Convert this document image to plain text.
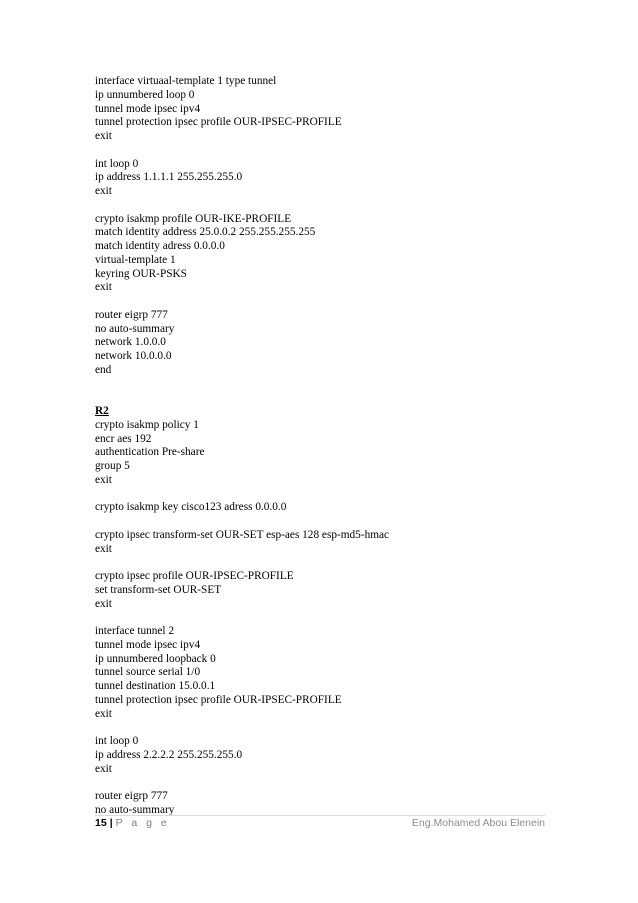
interface virtuaal-template 1 type tunnel
ip unnumbered loop 0
tunnel mode ipsec ipv4
tunnel protection ipsec profile OUR-IPSEC-PROFILE
exit
int loop 0
ip address 1.1.1.1 255.255.255.0
exit
crypto isakmp profile OUR-IKE-PROFILE
match identity address 25.0.0.2 255.255.255.255
match identity adress 0.0.0.0
virtual-template 1
keyring OUR-PSKS
exit
router eigrp 777
no auto-summary
network 1.0.0.0
network 10.0.0.0
end
R2
crypto isakmp policy 1
encr aes 192
authentication Pre-share
group 5
exit
crypto isakmp key cisco123 adress 0.0.0.0
crypto ipsec transform-set OUR-SET esp-aes 128 esp-md5-hmac
exit
crypto ipsec profile OUR-IPSEC-PROFILE
set transform-set OUR-SET
exit
interface tunnel 2
tunnel mode ipsec ipv4
ip unnumbered loopback 0
tunnel source serial 1/0
tunnel destination 15.0.0.1
tunnel protection ipsec profile OUR-IPSEC-PROFILE
exit
int loop 0
ip address 2.2.2.2 255.255.255.0
exit
router eigrp 777
no auto-summary
15 | P a g e	Eng.Mohamed Abou Elenein
